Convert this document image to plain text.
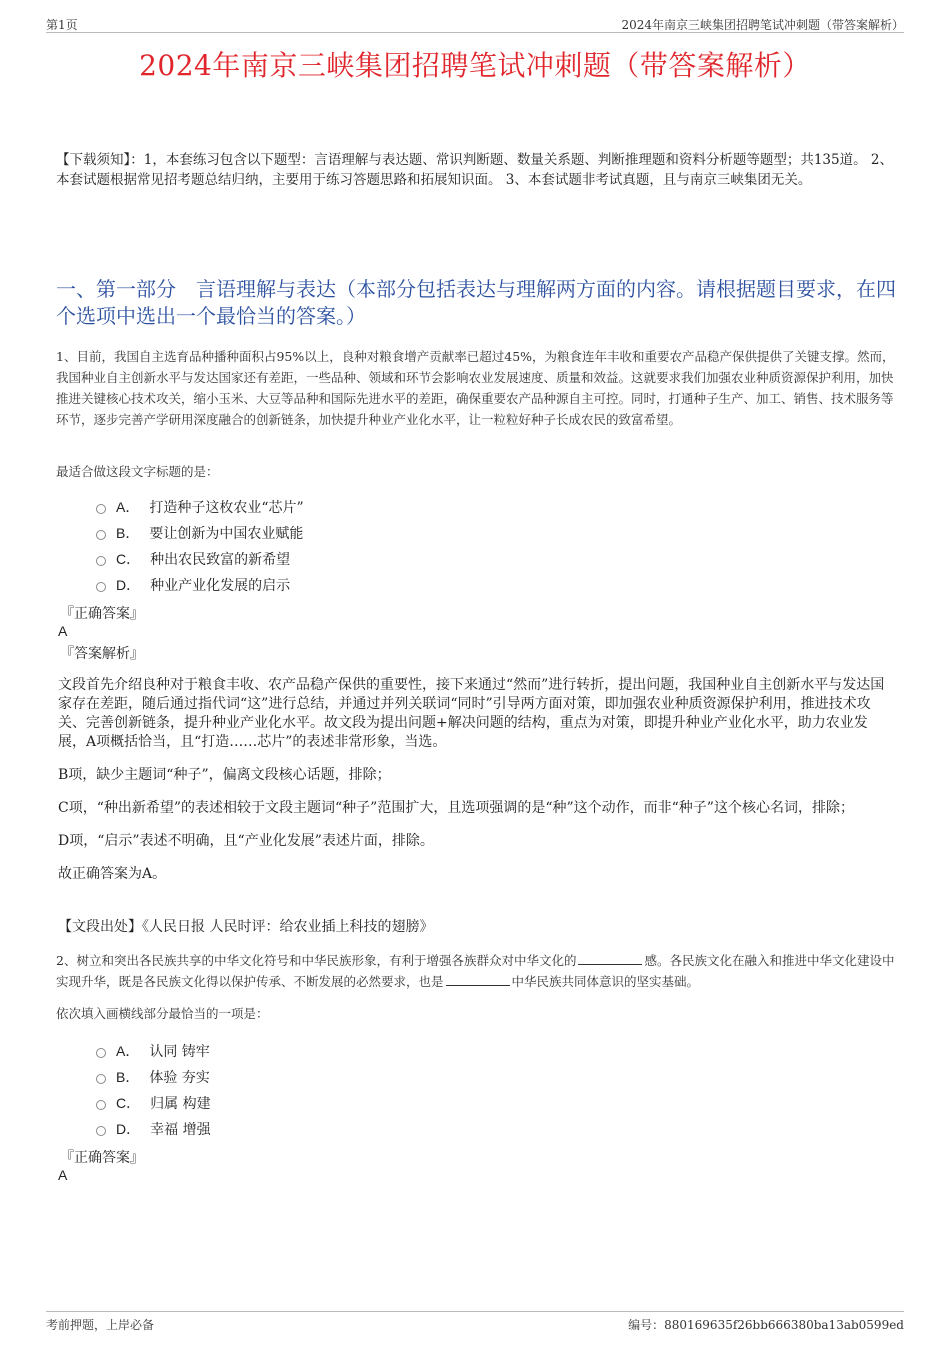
第1页	2024年南京三峡集团招聘笔试冲刺题（带答案解析）
2024年南京三峡集团招聘笔试冲刺题（带答案解析）
【下载须知】：1，本套练习包含以下题型：言语理解与表达题、常识判断题、数量关系题、判断推理题和资料分析题等题型；共135道。 2、本套试题根据常见招考题总结归纳，主要用于练习答题思路和拓展知识面。 3、本套试题非考试真题，且与南京三峡集团无关。
一、第一部分　言语理解与表达（本部分包括表达与理解两方面的内容。请根据题目要求，在四个选项中选出一个最恰当的答案。）
1、目前，我国自主选育品种播种面积占95%以上，良种对粮食增产贡献率已超过45%，为粮食连年丰收和重要农产品稳产保供提供了关键支撑。然而，我国种业自主创新水平与发达国家还有差距，一些品种、领域和环节会影响农业发展速度、质量和效益。这就要求我们加强农业种质资源保护利用，加快推进关键核心技术攻关，缩小玉米、大豆等品种和国际先进水平的差距，确保重要农产品种源自主可控。同时，打通种子生产、加工、销售、技术服务等环节，逐步完善产学研用深度融合的创新链条，加快提升种业产业化水平，让一粒粒好种子长成农民的致富希望。
最适合做这段文字标题的是：
A． 打造种子这枚农业“芯片”
B． 要让创新为中国农业赋能
C． 种出农民致富的新希望
D． 种业产业化发展的启示
『正确答案』
A
『答案解析』

文段首先介绍良种对于粮食丰收、农产品稳产保供的重要性，接下来通过“然而”进行转折，提出问题，我国种业自主创新水平与发达国家存在差距，随后通过指代词“这”进行总结，并通过并列关联词“同时”引导两方面对策，即加强农业种质资源保护利用，推进技术攻关、完善创新链条，提升种业产业化水平。故文段为提出问题+解决问题的结构，重点为对策，即提升种业产业化水平，助力农业发展，A项概括恰当，且“打造……芯片”的表述非常形象，当选。

B项，缺少主题词“种子”，偏离文段核心话题，排除；

C项，“种出新希望”的表述相较于文段主题词“种子”范围扩大，且选项强调的是“种”这个动作，而非“种子”这个核心名词，排除；

D项，“启示”表述不明确，且“产业化发展”表述片面，排除。

故正确答案为A。

【文段出处】《人民日报 人民时评：给农业插上科技的翅膀》
2、树立和突出各民族共享的中华文化符号和中华民族形象，有利于增强各族群众对中华文化的	感。各民族文化在融入和推进中华文化建设中实现升华，既是各民族文化得以保护传承、不断发展的必然要求，也是	中华民族共同体意识的坚实基础。
依次填入画横线部分最恰当的一项是：
A． 认同 铸牢
B． 体验 夯实
C． 归属 构建
D． 幸福 增强
『正确答案』
A
考前押题，上岸必备	编号：880169635f26bb666380ba13ab0599ed
